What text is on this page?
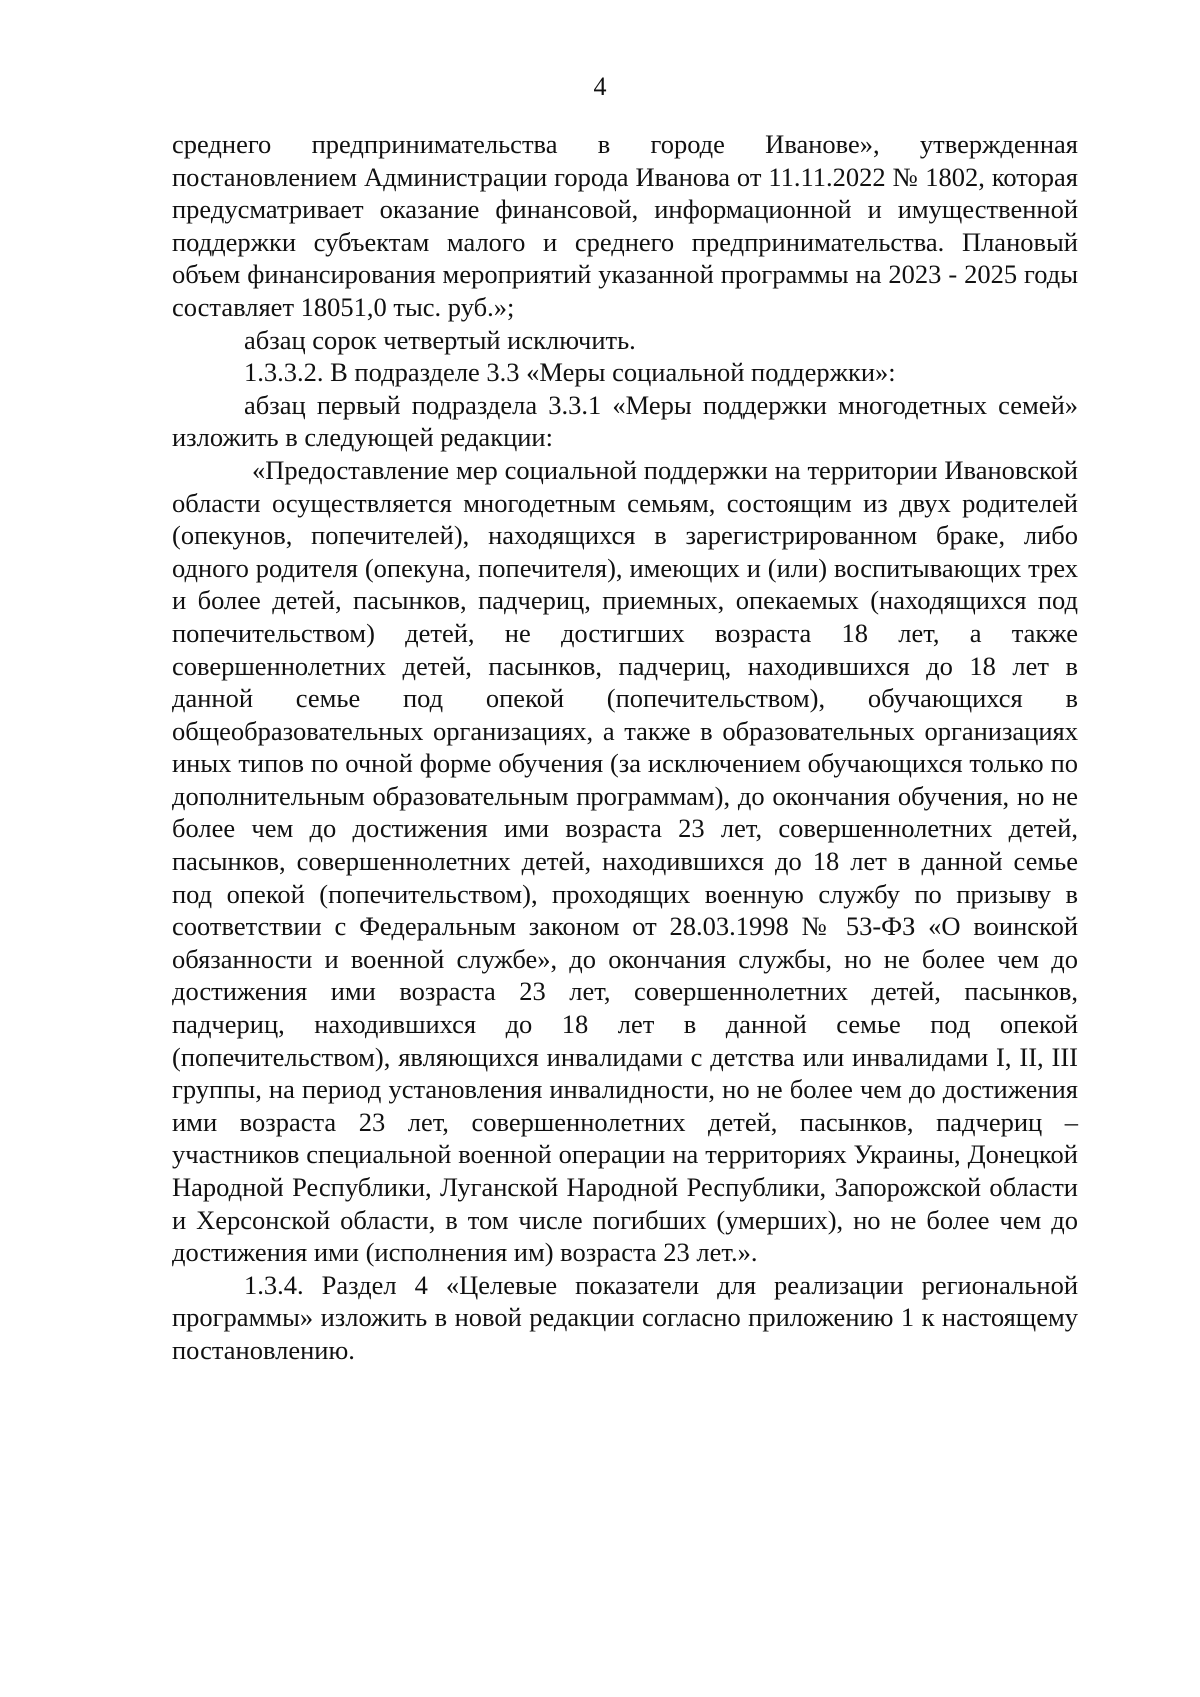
4

среднего предпринимательства в городе Иванове», утвержденная постановлением Администрации города Иванова от 11.11.2022 № 1802, которая предусматривает оказание финансовой, информационной и имущественной поддержки субъектам малого и среднего предпринимательства. Плановый объем финансирования мероприятий указанной программы на 2023 - 2025 годы составляет 18051,0 тыс. руб.»;

абзац сорок четвертый исключить.

1.3.3.2. В подразделе 3.3 «Меры социальной поддержки»:

абзац первый подраздела 3.3.1 «Меры поддержки многодетных семей» изложить в следующей редакции:

«Предоставление мер социальной поддержки на территории Ивановской области осуществляется многодетным семьям, состоящим из двух родителей (опекунов, попечителей), находящихся в зарегистрированном браке, либо одного родителя (опекуна, попечителя), имеющих и (или) воспитывающих трех и более детей, пасынков, падчериц, приемных, опекаемых (находящихся под попечительством) детей, не достигших возраста 18 лет, а также совершеннолетних детей, пасынков, падчериц, находившихся до 18 лет в данной семье под опекой (попечительством), обучающихся в общеобразовательных организациях, а также в образовательных организациях иных типов по очной форме обучения (за исключением обучающихся только по дополнительным образовательным программам), до окончания обучения, но не более чем до достижения ими возраста 23 лет, совершеннолетних детей, пасынков, совершеннолетних детей, находившихся до 18 лет в данной семье под опекой (попечительством), проходящих военную службу по призыву в соответствии с Федеральным законом от 28.03.1998 № 53-ФЗ «О воинской обязанности и военной службе», до окончания службы, но не более чем до достижения ими возраста 23 лет, совершеннолетних детей, пасынков, падчериц, находившихся до 18 лет в данной семье под опекой (попечительством), являющихся инвалидами с детства или инвалидами I, II, III группы, на период установления инвалидности, но не более чем до достижения ими возраста 23 лет, совершеннолетних детей, пасынков, падчериц – участников специальной военной операции на территориях Украины, Донецкой Народной Республики, Луганской Народной Республики, Запорожской области и Херсонской области, в том числе погибших (умерших), но не более чем до достижения ими (исполнения им) возраста 23 лет.».

1.3.4. Раздел 4 «Целевые показатели для реализации региональной программы» изложить в новой редакции согласно приложению 1 к настоящему постановлению.
